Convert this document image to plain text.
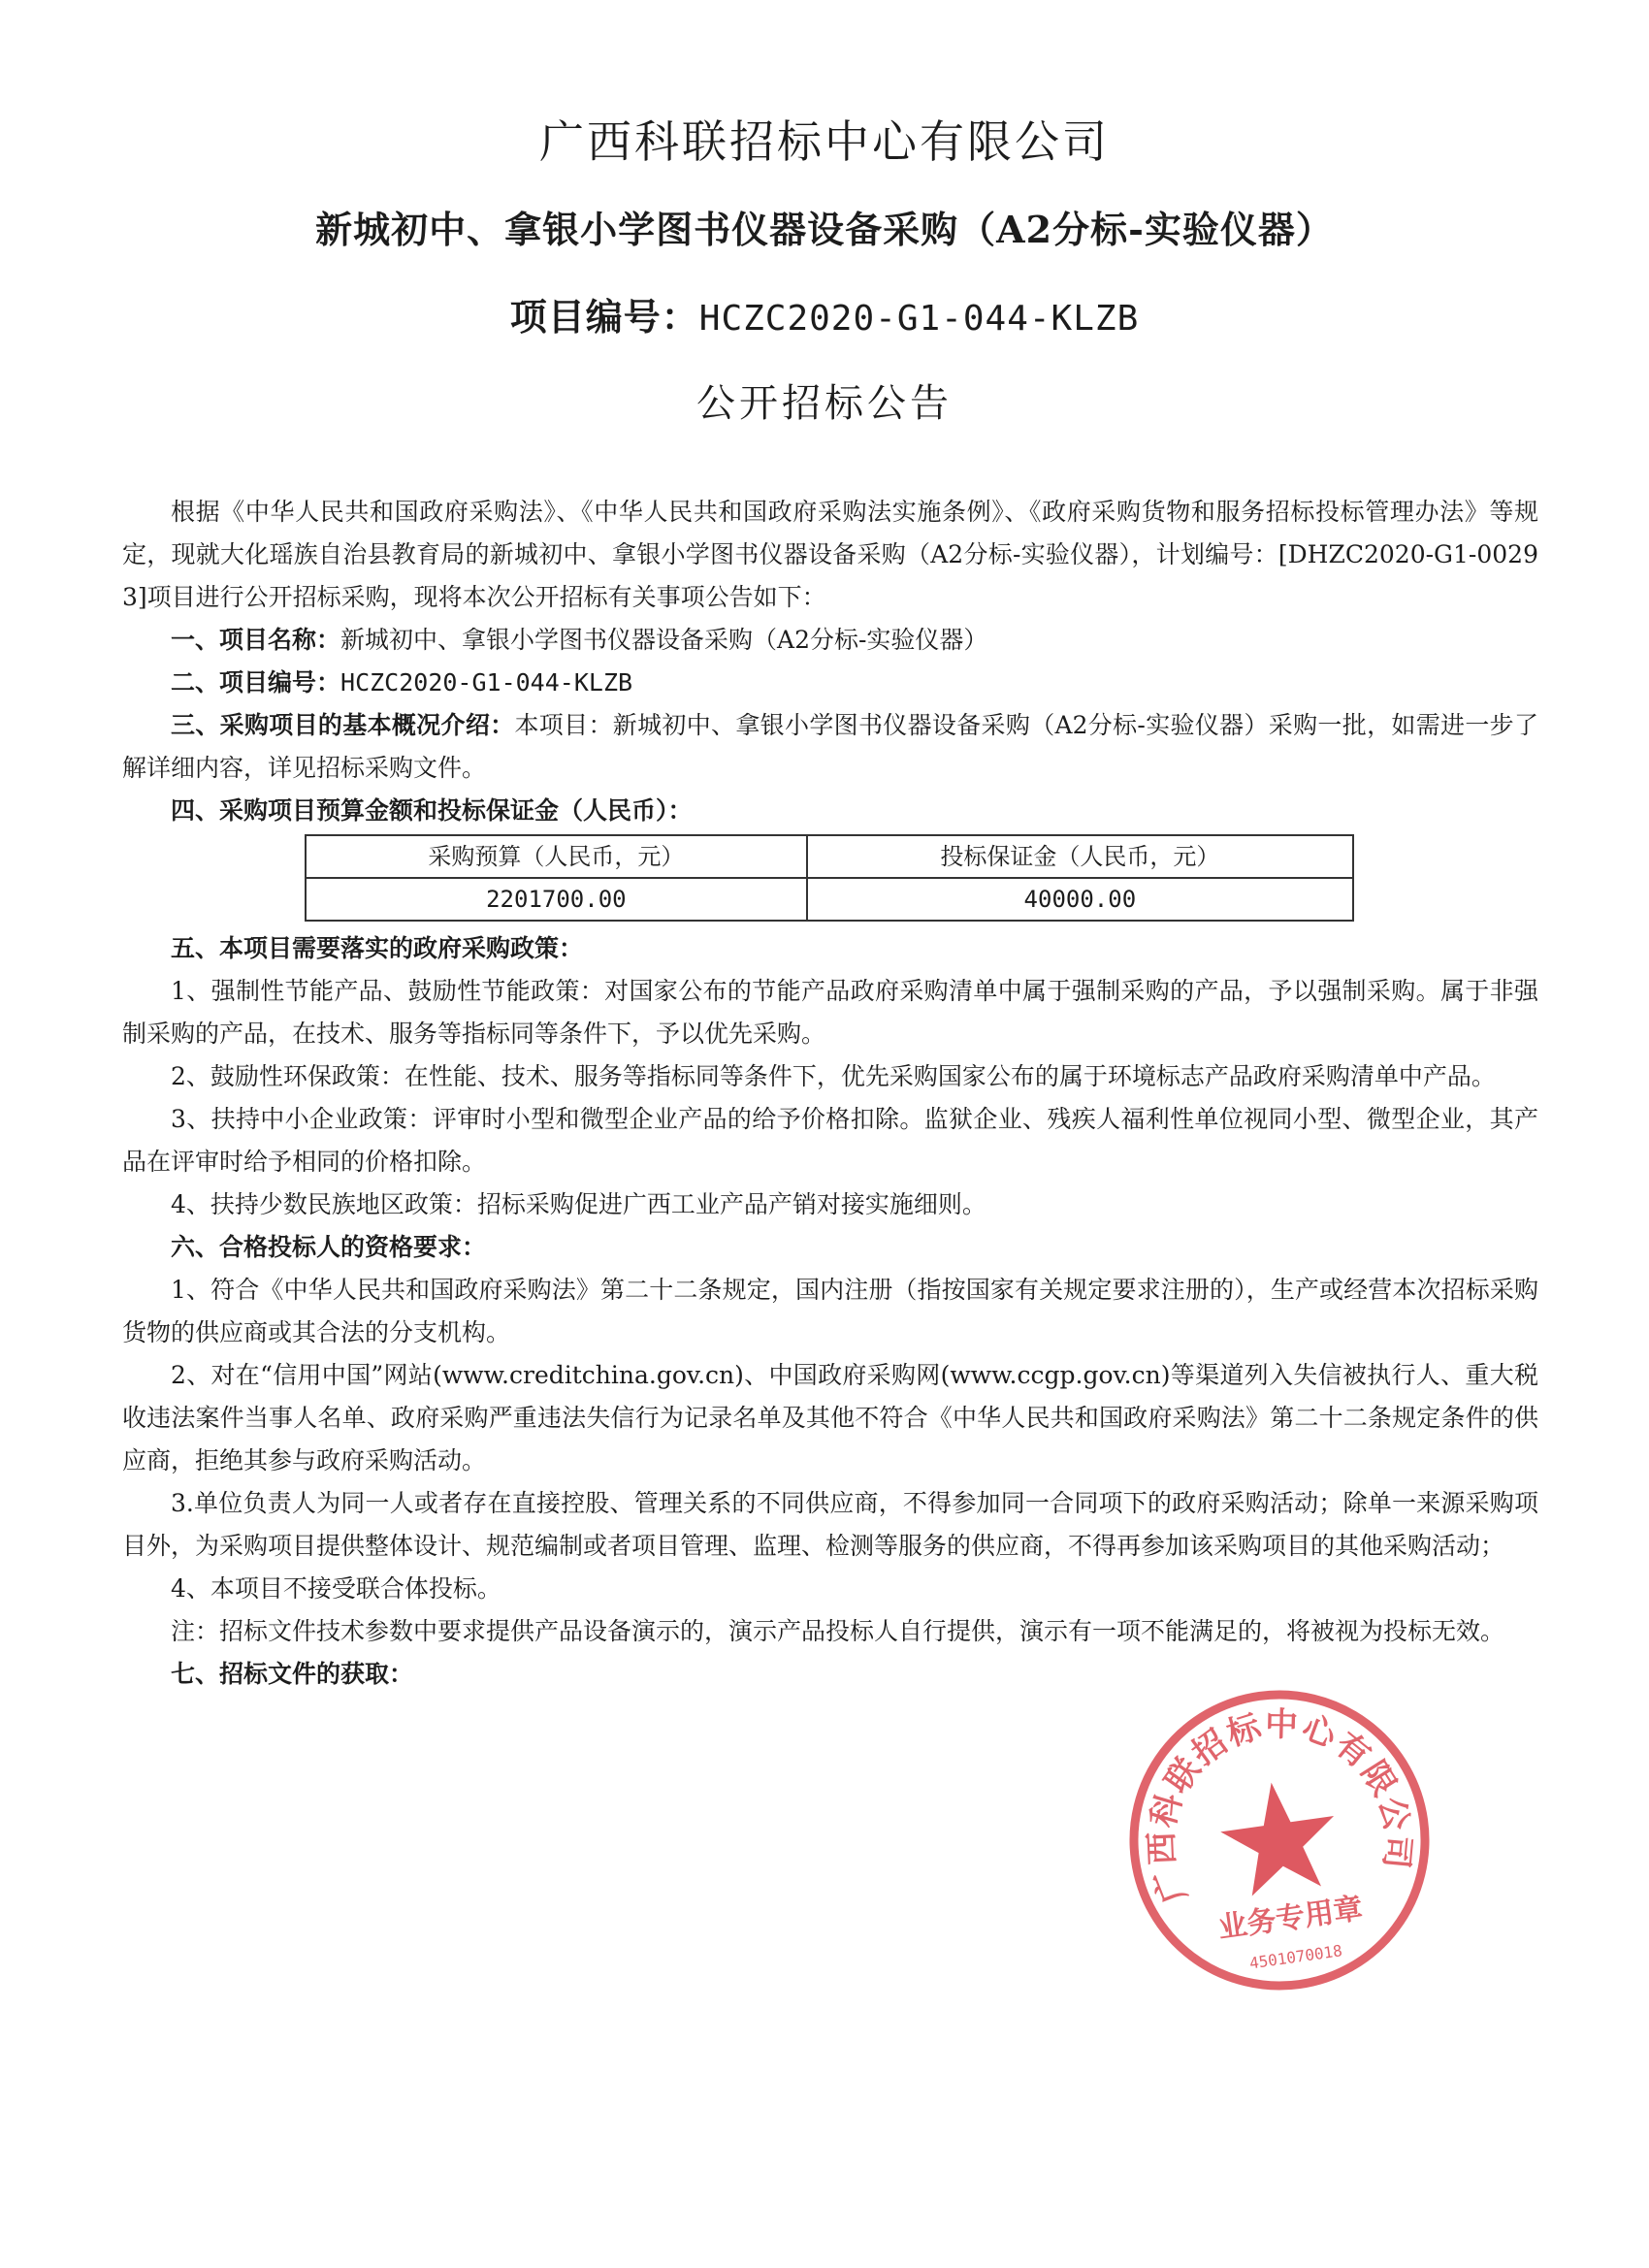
广西科联招标中心有限公司
新城初中、拿银小学图书仪器设备采购（A2分标-实验仪器）
项目编号：HCZC2020-G1-044-KLZB
公开招标公告

根据《中华人民共和国政府采购法》、《中华人民共和国政府采购法实施条例》、《政府采购货物和服务招标投标管理办法》等规定，现就大化瑶族自治县教育局的新城初中、拿银小学图书仪器设备采购（A2分标-实验仪器），计划编号：[DHZC2020-G1-00293]项目进行公开招标采购，现将本次公开招标有关事项公告如下：

一、项目名称：新城初中、拿银小学图书仪器设备采购（A2分标-实验仪器）

二、项目编号：HCZC2020-G1-044-KLZB

三、采购项目的基本概况介绍：本项目：新城初中、拿银小学图书仪器设备采购（A2分标-实验仪器）采购一批，如需进一步了解详细内容，详见招标采购文件。

四、采购项目预算金额和投标保证金（人民币）：

采购预算（人民币，元）	投标保证金（人民币，元）
2201700.00	40000.00

五、本项目需要落实的政府采购政策：

1、强制性节能产品、鼓励性节能政策：对国家公布的节能产品政府采购清单中属于强制采购的产品，予以强制采购。属于非强制采购的产品，在技术、服务等指标同等条件下，予以优先采购。

2、鼓励性环保政策：在性能、技术、服务等指标同等条件下，优先采购国家公布的属于环境标志产品政府采购清单中产品。

3、扶持中小企业政策：评审时小型和微型企业产品的给予价格扣除。监狱企业、残疾人福利性单位视同小型、微型企业，其产品在评审时给予相同的价格扣除。

4、扶持少数民族地区政策：招标采购促进广西工业产品产销对接实施细则。

六、合格投标人的资格要求：

1、符合《中华人民共和国政府采购法》第二十二条规定，国内注册（指按国家有关规定要求注册的），生产或经营本次招标采购货物的供应商或其合法的分支机构。

2、对在“信用中国”网站(www.creditchina.gov.cn)、中国政府采购网(www.ccgp.gov.cn)等渠道列入失信被执行人、重大税收违法案件当事人名单、政府采购严重违法失信行为记录名单及其他不符合《中华人民共和国政府采购法》第二十二条规定条件的供应商，拒绝其参与政府采购活动。

3.单位负责人为同一人或者存在直接控股、管理关系的不同供应商，不得参加同一合同项下的政府采购活动；除单一来源采购项目外，为采购项目提供整体设计、规范编制或者项目管理、监理、检测等服务的供应商，不得再参加该采购项目的其他采购活动；

4、本项目不接受联合体投标。

注：招标文件技术参数中要求提供产品设备演示的，演示产品投标人自行提供，演示有一项不能满足的，将被视为投标无效。

七、招标文件的获取：

广西科联招标中心有限公司
业务专用章
4501070018
